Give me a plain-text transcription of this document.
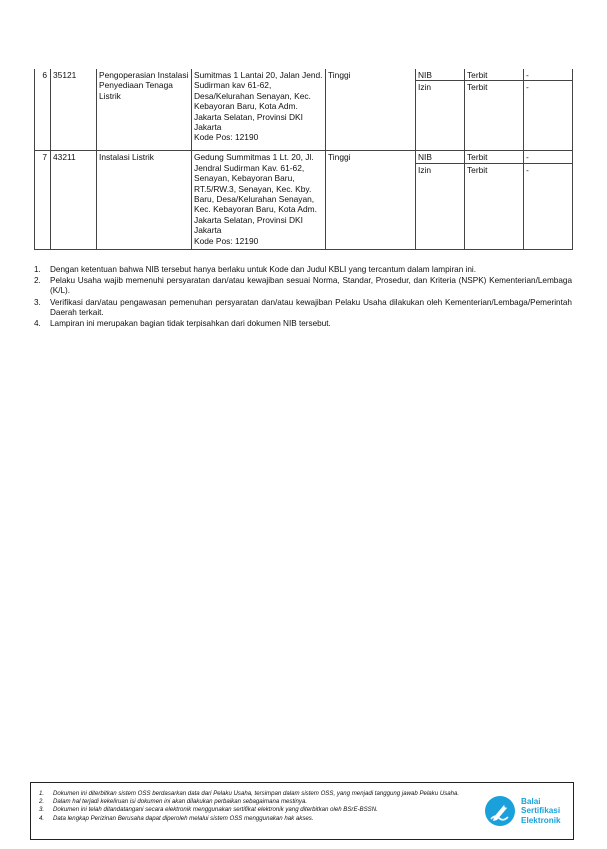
6	35121	Pengoperasian Instalasi Penyediaan Tenaga Listrik	Sumitmas 1 Lantai 20, Jalan Jend. Sudirman kav 61-62, Desa/Kelurahan Senayan, Kec. Kebayoran Baru, Kota Adm. Jakarta Selatan, Provinsi DKI Jakarta
Kode Pos: 12190	Tinggi	NIB	Terbit	-
					Izin	Terbit	-
7	43211	Instalasi Listrik	Gedung Summitmas 1 Lt. 20, Jl. Jendral Sudirman Kav. 61-62, Senayan, Kebayoran Baru, RT.5/RW.3, Senayan, Kec. Kby. Baru, Desa/Kelurahan Senayan, Kec. Kebayoran Baru, Kota Adm. Jakarta Selatan, Provinsi DKI Jakarta
Kode Pos: 12190	Tinggi	NIB	Terbit	-
					Izin	Terbit	-
1. Dengan ketentuan bahwa NIB tersebut hanya berlaku untuk Kode dan Judul KBLI yang tercantum dalam lampiran ini.
2. Pelaku Usaha wajib memenuhi persyaratan dan/atau kewajiban sesuai Norma, Standar, Prosedur, dan Kriteria (NSPK) Kementerian/Lembaga (K/L).
3. Verifikasi dan/atau pengawasan pemenuhan persyaratan dan/atau kewajiban Pelaku Usaha dilakukan oleh Kementerian/Lembaga/Pemerintah Daerah terkait.
4. Lampiran ini merupakan bagian tidak terpisahkan dari dokumen NIB tersebut.
1. Dokumen ini diterbitkan sistem OSS berdasarkan data dari Pelaku Usaha, tersimpan dalam sistem OSS, yang menjadi tanggung jawab Pelaku Usaha.
2. Dalam hal terjadi kekeliruan isi dokumen ini akan dilakukan perbaikan sebagaimana mestinya.
3. Dokumen ini telah ditandatangani secara elektronik menggunakan sertifikat elektronik yang diterbitkan oleh BSrE-BSSN.
4. Data lengkap Perizinan Berusaha dapat diperoleh melalui sistem OSS menggunakan hak akses.
Balai
Sertifikasi
Elektronik
